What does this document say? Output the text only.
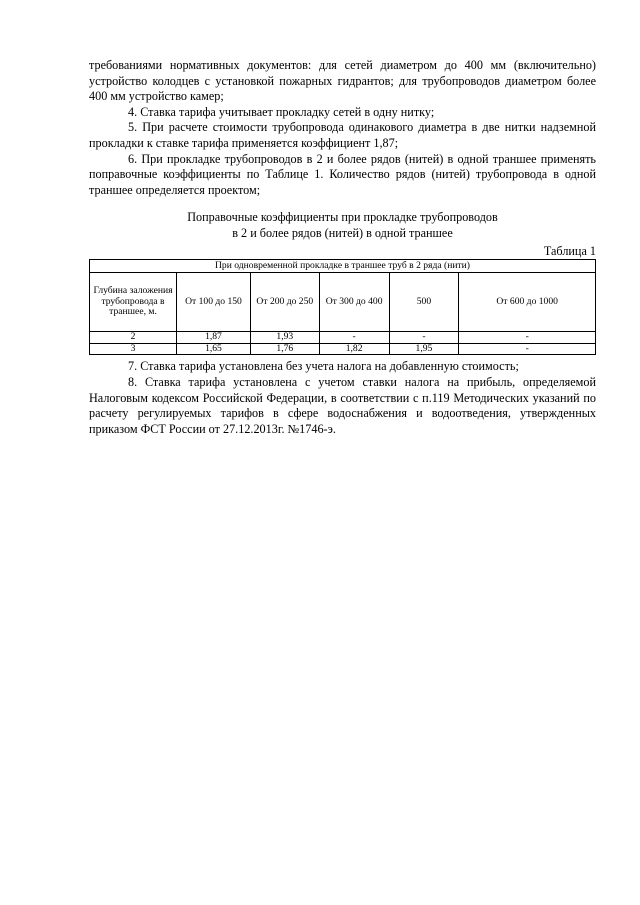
требованиями нормативных документов: для сетей диаметром до 400 мм (включительно) устройство колодцев с установкой пожарных гидрантов; для трубопроводов диаметром более 400 мм устройство камер;

4. Ставка тарифа учитывает прокладку сетей в одну нитку;

5. При расчете стоимости трубопровода одинакового диаметра в две нитки надземной прокладки к ставке тарифа применяется коэффициент 1,87;

6. При прокладке трубопроводов в 2 и более рядов (нитей) в одной траншее применять поправочные коэффициенты по Таблице 1. Количество рядов (нитей) трубопровода в одной траншее определяется проектом;

Поправочные коэффициенты при прокладке трубопроводов
в 2 и более рядов (нитей) в одной траншее
Таблица 1
При одновременной прокладке в траншее труб в 2 ряда (нити)					
Глубина заложения трубопровода в траншее, м.	От 100 до 150	От 200 до 250	От 300 до 400	500	От 600 до 1000
2	1,87	1,93	-	-	-
3	1,65	1,76	1,82	1,95	-

7. Ставка тарифа установлена без учета налога на добавленную стоимость;

8. Ставка тарифа установлена с учетом ставки налога на прибыль, определяемой Налоговым кодексом Российской Федерации, в соответствии с п.119 Методических указаний по расчету регулируемых тарифов в сфере водоснабжения и водоотведения, утвержденных приказом ФСТ России от 27.12.2013г. №1746-э.
